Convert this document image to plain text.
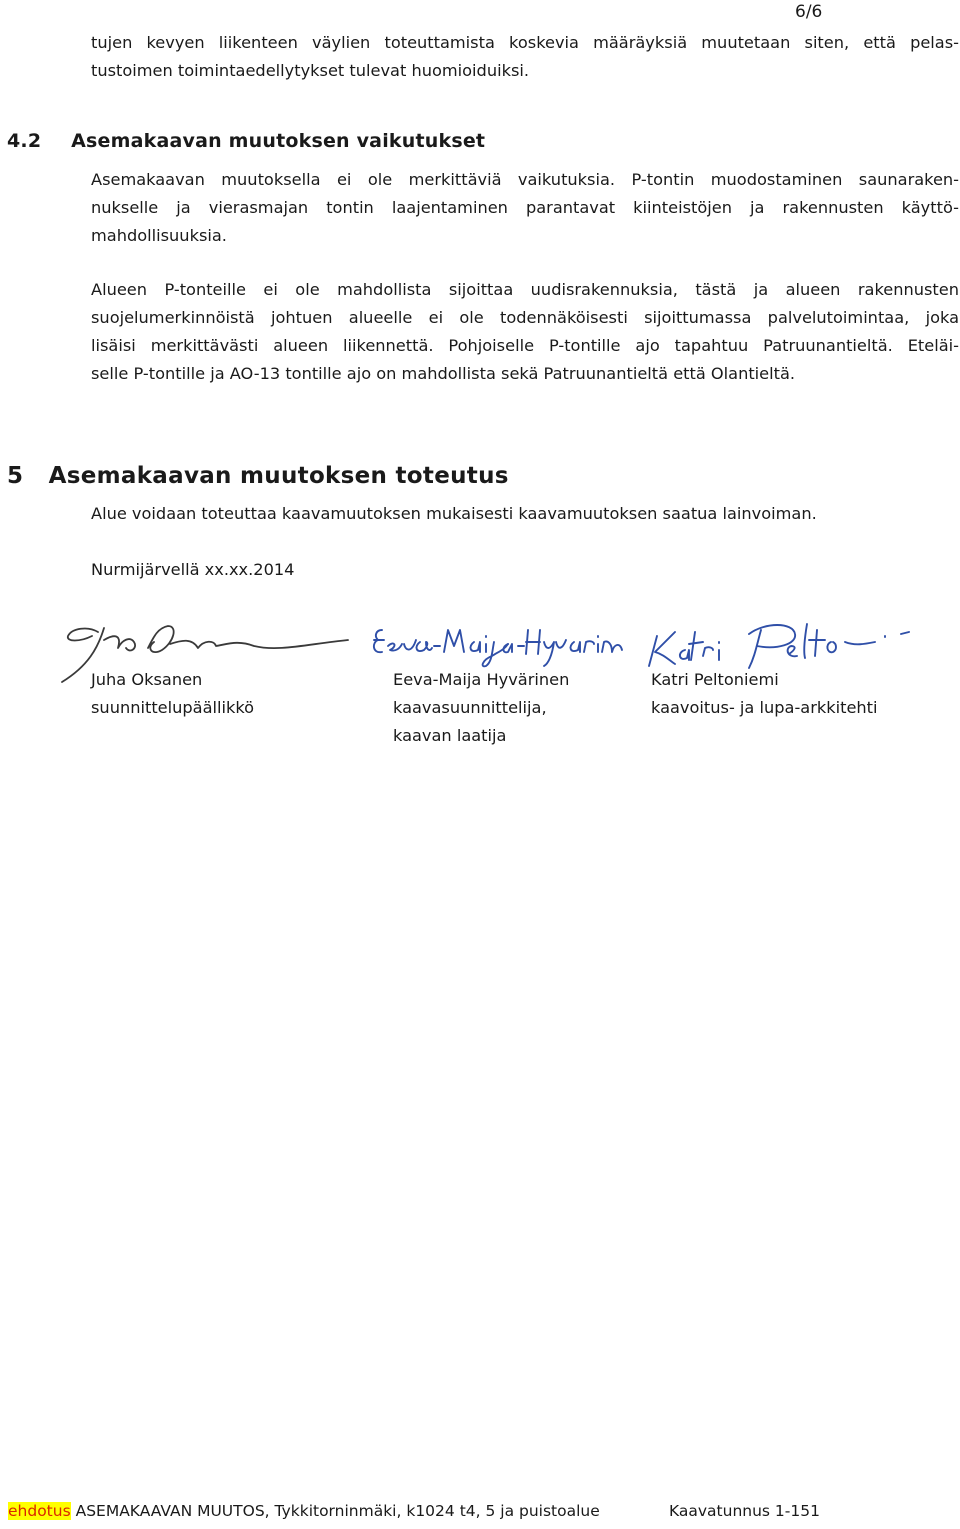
6/6

tujen kevyen liikenteen väylien toteuttamista koskevia määräyksiä muutetaan siten, että pelas-
tustoimen toimintaedellytykset tulevat huomioiduiksi.

4.2 Asemakaavan muutoksen vaikutukset

Asemakaavan muutoksella ei ole merkittäviä vaikutuksia. P-tontin muodostaminen saunaraken-
nukselle ja vierasmajan tontin laajentaminen parantavat kiinteistöjen ja rakennusten käyttö-
mahdollisuuksia.

Alueen P-tonteille ei ole mahdollista sijoittaa uudisrakennuksia, tästä ja alueen rakennusten
suojelumerkinnöistä johtuen alueelle ei ole todennäköisesti sijoittumassa palvelutoimintaa, joka
lisäisi merkittävästi alueen liikennettä. Pohjoiselle P-tontille ajo tapahtuu Patruunantieltä. Eteläi-
selle P-tontille ja AO-13 tontille ajo on mahdollista sekä Patruunantieltä että Olantieltä.

5 Asemakaavan muutoksen toteutus

Alue voidaan toteuttaa kaavamuutoksen mukaisesti kaavamuutoksen saatua lainvoiman.

Nurmijärvellä xx.xx.2014

Juha Oksanen
suunnittelupäällikkö
Eeva-Maija Hyvärinen
kaavasuunnittelija,
kaavan laatija
Katri Peltoniemi
kaavoitus- ja lupa-arkkitehti
ehdotus ASEMAKAAVAN MUUTOS, Tykkitorninmäki, k1024 t4, 5 ja puistoalue	Kaavatunnus 1-151
